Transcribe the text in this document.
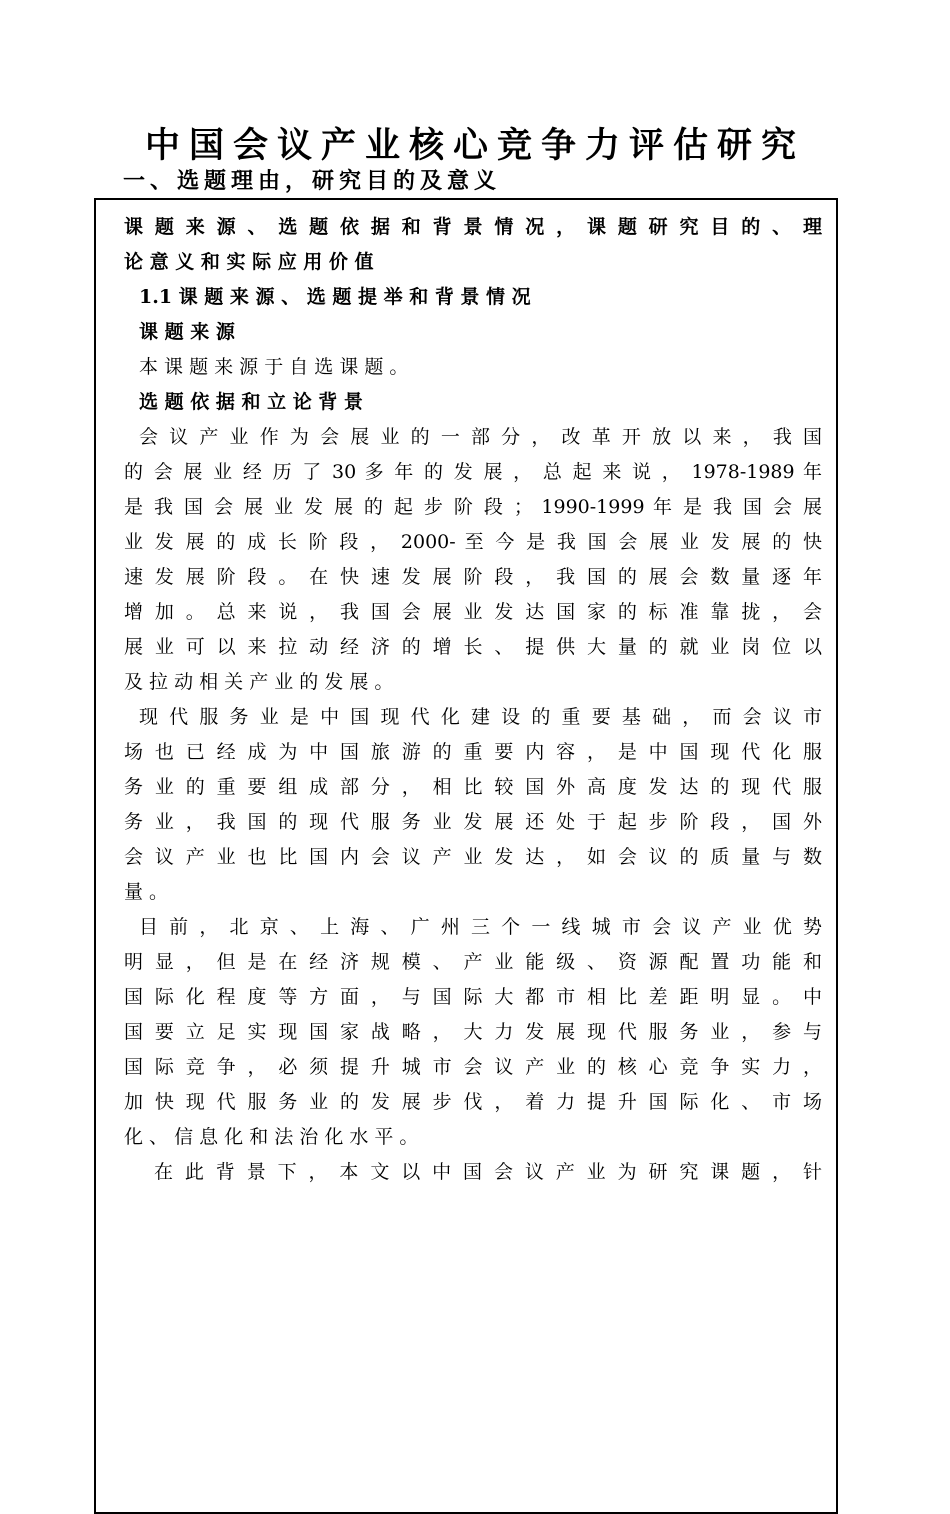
中国会议产业核心竞争力评估研究
一、选题理由，研究目的及意义
课 题 来 源 、 选 题 依 据 和 背 景 情 况 ， 课 题 研 究 目 的 、 理
论 意 义 和 实 际 应 用 价 值
1.1 课 题 来 源 、 选 题 提 举 和 背 景 情 况
课 题 来 源
本 课 题 来 源 于 自 选 课 题 。
选 题 依 据 和 立 论 背 景
会 议 产 业 作 为 会 展 业 的 一 部 分 ， 改 革 开 放 以 来 ， 我 国
的 会 展 业 经 历 了 30 多 年 的 发 展 ， 总 起 来 说 ， 1978-1989 年
是 我 国 会 展 业 发 展 的 起 步 阶 段 ； 1990-1999 年 是 我 国 会 展
业 发 展 的 成 长 阶 段 ， 2000- 至 今 是 我 国 会 展 业 发 展 的 快
速 发 展 阶 段 。 在 快 速 发 展 阶 段 ， 我 国 的 展 会 数 量 逐 年
增 加 。 总 来 说 ， 我 国 会 展 业 发 达 国 家 的 标 准 靠 拢 ， 会
展 业 可 以 来 拉 动 经 济 的 增 长 、 提 供 大 量 的 就 业 岗 位 以
及 拉 动 相 关 产 业 的 发 展 。
现 代 服 务 业 是 中 国 现 代 化 建 设 的 重 要 基 础 ， 而 会 议 市
场 也 已 经 成 为 中 国 旅 游 的 重 要 内 容 ， 是 中 国 现 代 化 服
务 业 的 重 要 组 成 部 分 ， 相 比 较 国 外 高 度 发 达 的 现 代 服
务 业 ， 我 国 的 现 代 服 务 业 发 展 还 处 于 起 步 阶 段 ， 国 外
会 议 产 业 也 比 国 内 会 议 产 业 发 达 ， 如 会 议 的 质 量 与 数
量 。
目 前 ， 北 京 、 上 海 、 广 州 三 个 一 线 城 市 会 议 产 业 优 势
明 显 ， 但 是 在 经 济 规 模 、 产 业 能 级 、 资 源 配 置 功 能 和
国 际 化 程 度 等 方 面 ， 与 国 际 大 都 市 相 比 差 距 明 显 。 中
国 要 立 足 实 现 国 家 战 略 ， 大 力 发 展 现 代 服 务 业 ， 参 与
国 际 竞 争 ， 必 须 提 升 城 市 会 议 产 业 的 核 心 竞 争 实 力 ，
加 快 现 代 服 务 业 的 发 展 步 伐 ， 着 力 提 升 国 际 化 、 市 场
化 、 信 息 化 和 法 治 化 水 平 。
在 此 背 景 下 ， 本 文 以 中 国 会 议 产 业 为 研 究 课 题 ， 针
